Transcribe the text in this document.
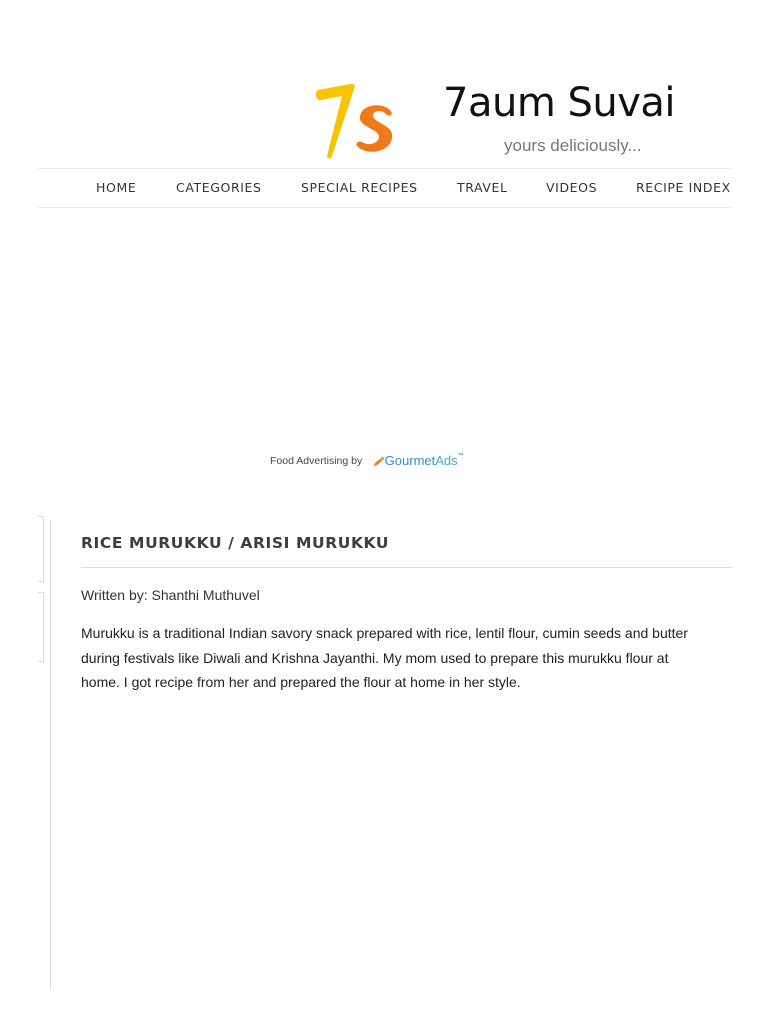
7aum Suvai
yours deliciously...
HOME	CATEGORIES	SPECIAL RECIPES	TRAVEL	VIDEOS	RECIPE INDEX
Food Advertising by GourmetAds™
RICE MURUKKU / ARISI MURUKKU
Written by: Shanthi Muthuvel
Murukku is a traditional Indian savory snack prepared with rice, lentil flour, cumin seeds and butter
during festivals like Diwali and Krishna Jayanthi. My mom used to prepare this murukku flour at
home. I got recipe from her and prepared the flour at home in her style.
